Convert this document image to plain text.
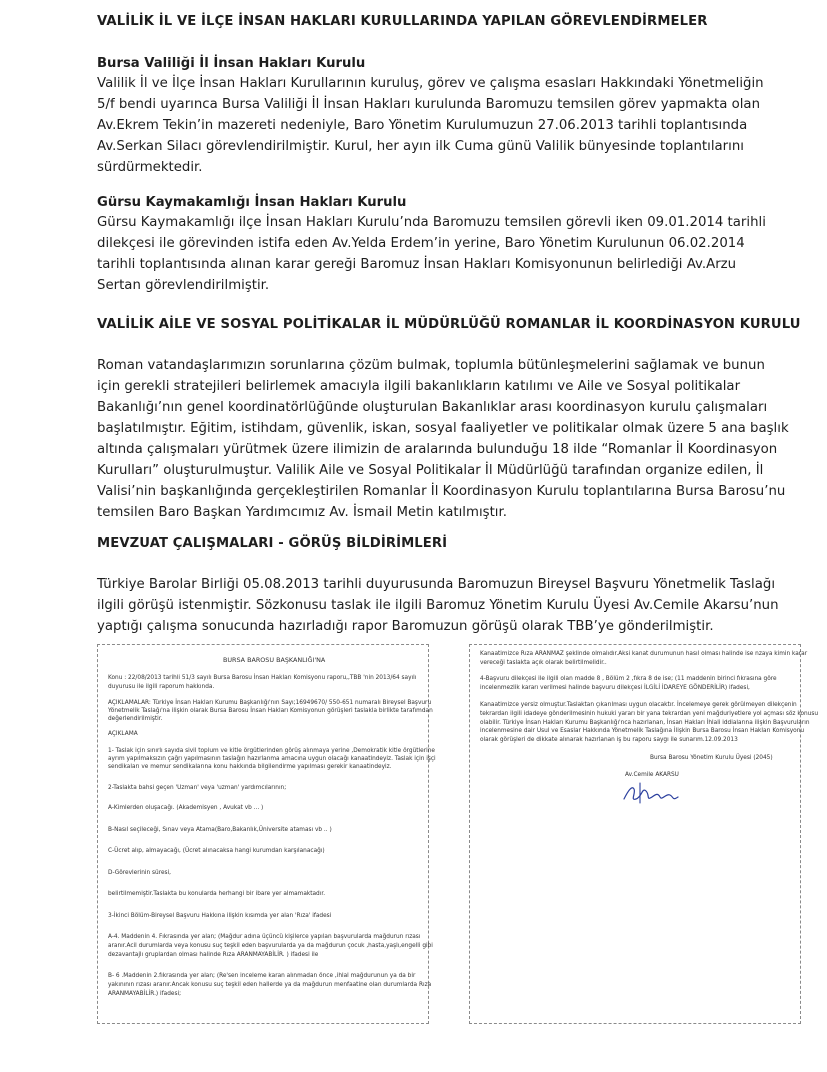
VALİLİK İL VE İLÇE İNSAN HAKLARI KURULLARINDA YAPILAN GÖREVLENDİRMELER
Bursa Valiliği İl İnsan Hakları Kurulu
Valilik İl ve İlçe İnsan Hakları Kurullarının kuruluş, görev ve çalışma esasları Hakkındaki Yönetmeliğin
5/f bendi uyarınca Bursa Valiliği İl İnsan Hakları kurulunda Baromuzu temsilen görev yapmakta olan
Av.Ekrem Tekin’in mazereti nedeniyle, Baro Yönetim Kurulumuzun 27.06.2013 tarihli toplantısında
Av.Serkan Silacı görevlendirilmiştir. Kurul, her ayın ilk Cuma günü Valilik bünyesinde toplantılarını
sürdürmektedir.
Gürsu Kaymakamlığı İnsan Hakları Kurulu
Gürsu Kaymakamlığı ilçe İnsan Hakları Kurulu’nda Baromuzu temsilen görevli iken 09.01.2014 tarihli
dilekçesi ile görevinden istifa eden Av.Yelda Erdem’in yerine, Baro Yönetim Kurulunun 06.02.2014
tarihli toplantısında alınan karar gereği Baromuz İnsan Hakları Komisyonunun belirlediği Av.Arzu
Sertan görevlendirilmiştir.
VALİLİK AİLE VE SOSYAL POLİTİKALAR İL MÜDÜRLÜĞÜ ROMANLAR İL KOORDİNASYON KURULU
Roman vatandaşlarımızın sorunlarına çözüm bulmak, toplumla bütünleşmelerini sağlamak ve bunun
için gerekli stratejileri belirlemek amacıyla ilgili bakanlıkların katılımı ve Aile ve Sosyal politikalar
Bakanlığı’nın genel koordinatörlüğünde oluşturulan Bakanlıklar arası koordinasyon kurulu çalışmaları
başlatılmıştır. Eğitim, istihdam, güvenlik, iskan, sosyal faaliyetler ve politikalar olmak üzere 5 ana başlık
altında çalışmaları yürütmek üzere ilimizin de aralarında bulunduğu 18 ilde “Romanlar İl Koordinasyon
Kurulları” oluşturulmuştur. Valilik Aile ve Sosyal Politikalar İl Müdürlüğü tarafından organize edilen, İl
Valisi’nin başkanlığında gerçekleştirilen Romanlar İl Koordinasyon Kurulu toplantılarına Bursa Barosu’nu
temsilen Baro Başkan Yardımcımız Av. İsmail Metin katılmıştır.
MEVZUAT ÇALIŞMALARI - GÖRÜŞ BİLDİRİMLERİ
Türkiye Barolar Birliği 05.08.2013 tarihli duyurusunda Baromuzun Bireysel Başvuru Yönetmelik Taslağı
ilgili görüşü istenmiştir. Sözkonusu taslak ile ilgili Baromuz Yönetim Kurulu Üyesi Av.Cemile Akarsu’nun
yaptığı çalışma sonucunda hazırladığı rapor Baromuzun görüşü olarak TBB’ye gönderilmiştir.
BURSA BAROSU BAŞKANLIĞI'NA
Konu : 22/08/2013 tarihli 51/3 sayılı Bursa Barosu İnsan Hakları Komisyonu raporu,,TBB 'nin 2013/64 sayılı
duyurusu ile ilgili raporum hakkında.
AÇIKLAMALAR: Türkiye İnsan Hakları Kurumu Başkanlığı'nın Sayı;16949670/ 550-651 numaralı Bireysel Başvuru
Yönetmelik Taslağı'na ilişkin olarak Bursa Barosu İnsan Hakları Komisyonun görüşleri taslakla birlikte tarafımdan
değerlendirilmiştir.
AÇIKLAMA
1- Taslak için sınırlı sayıda sivil toplum ve kitle örgütlerinden görüş alınmaya yerine ,Demokratik kitle örgütlerine
ayrım yapılmaksızın çağrı yapılmasının taslağın hazırlanma amacına uygun olacağı kanaatindeyiz. Taslak için işçi
sendikaları ve memur sendikalarına konu hakkında bilgilendirme yapılması gerekir kanaatindeyiz.
2-Taslakta bahsi geçen 'Uzman' veya 'uzman' yardımcılarının;
A-Kimlerden oluşacağı. (Akademisyen , Avukat vb ... )
B-Nasıl seçileceği, Sınav veya Atama(Baro,Bakanlık,Üniversite ataması vb .. )
C-Ücret alıp, almayacağı, (Ücret alınacaksa hangi kurumdan karşılanacağı)
D-Görevlerinin süresi,
belirtilmemiştir.Taslakta bu konularda herhangi bir ibare yer almamaktadır.
3-İkinci Bölüm-Bireysel Başvuru Hakkına ilişkin kısımda yer alan 'Rıza' ifadesi
A-4. Maddenin 4. Fıkrasında yer alan; (Mağdur adına üçüncü kişilerce yapılan başvurularda mağdurun rızası
aranır.Acil durumlarda veya konusu suç teşkil eden başvurularda ya da mağdurun çocuk ,hasta,yaşlı,engelli gibi
dezavantajlı gruplardan olması halinde Rıza ARANMAYABİLİR. ) ifadesi ile
B- 6 .Maddenin 2.fıkrasında yer alan; (Re'sen inceleme karan alınmadan önce ,ihlal mağdurunun ya da bir
yakınının rızası aranır.Ancak konusu suç teşkil eden hallerde ya da mağdurun menfaatine olan durumlarda Rıza
ARANMAYABİLİR.) ifadesi;
Kanaatimizce Rıza ARANMAZ şeklinde olmalıdır.Aksi kanat durumunun hasıl olması halinde ise nzaya kimin karar
vereceği taslakta açık olarak belirtilmelidir..
4-Başvuru dilekçesi ile ilgili olan madde 8 , Bölüm 2 ,fıkra 8 de ise; (11 maddenin birinci fıkrasına göre
incelenmezlik kararı verilmesi halinde başvuru dilekçesi İLGİLİ İDAREYE GÖNDERİLİR) ifadesi,
Kanaatimizce yersiz olmuştur.Taslaktan çıkarılması uygun olacaktır. İncelemeye gerek görülmeyen dilekçenin
tekrardan ilgili idadeye gönderilmesinin hukuki yararı bir yana tekrardan yeni mağduriyetlere yol açması söz konusu
olabilir. Türkiye İnsan Hakları Kurumu Başkanlığı'nca hazırlanan, İnsan Hakları İhlali iddialarına ilişkin Başvuruların
incelenmesine dair Usul ve Esaslar Hakkında Yönetmelik Taslağına İlişkin Bursa Barosu İnsan Hakları Komisyonu
olarak görüşleri de dikkate alınarak hazırlanan iş bu raporu saygı ile sunarım.12.09.2013
Bursa Barosu Yönetim Kurulu Üyesi (2045)
Av.Cemile AKARSU
